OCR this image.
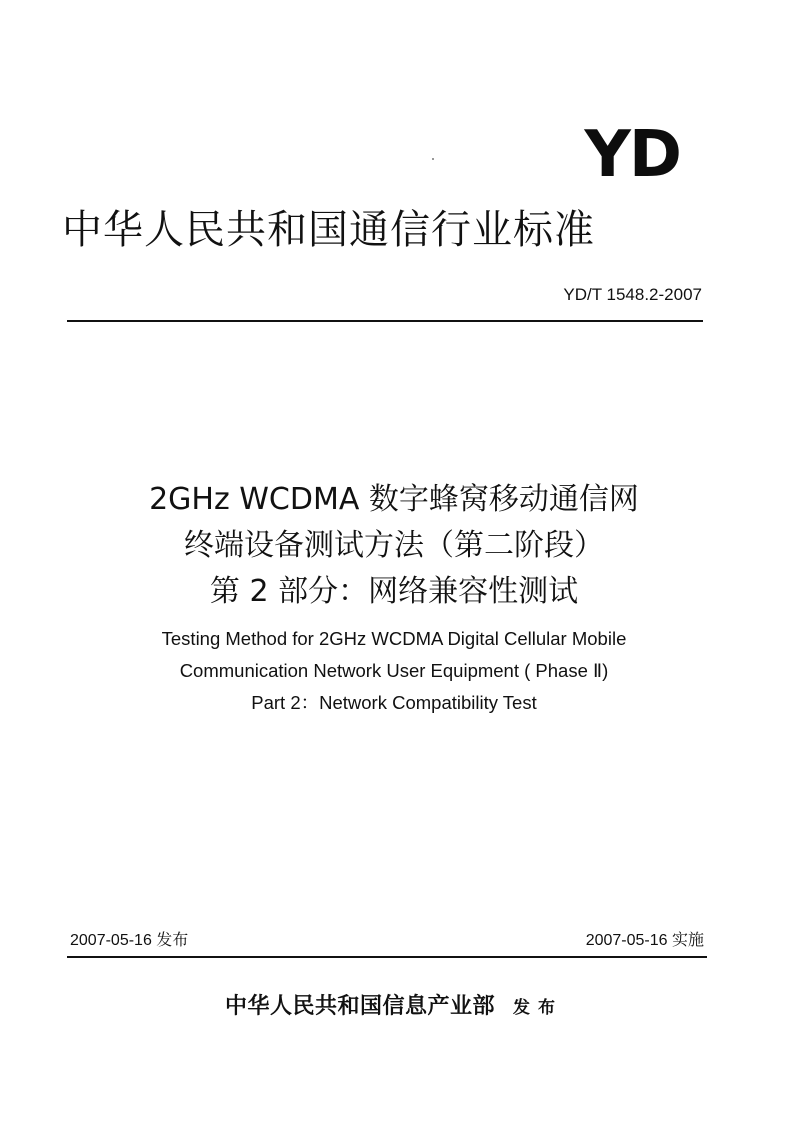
YD
中华人民共和国通信行业标准
YD/T 1548.2-2007
2GHz WCDMA 数字蜂窝移动通信网
终端设备测试方法（第二阶段）
第 2 部分：网络兼容性测试
Testing Method for 2GHz WCDMA Digital Cellular Mobile
Communication Network User Equipment ( Phase Ⅱ)
Part 2：Network Compatibility Test
2007-05-16 发布	2007-05-16 实施
中华人民共和国信息产业部 发布
